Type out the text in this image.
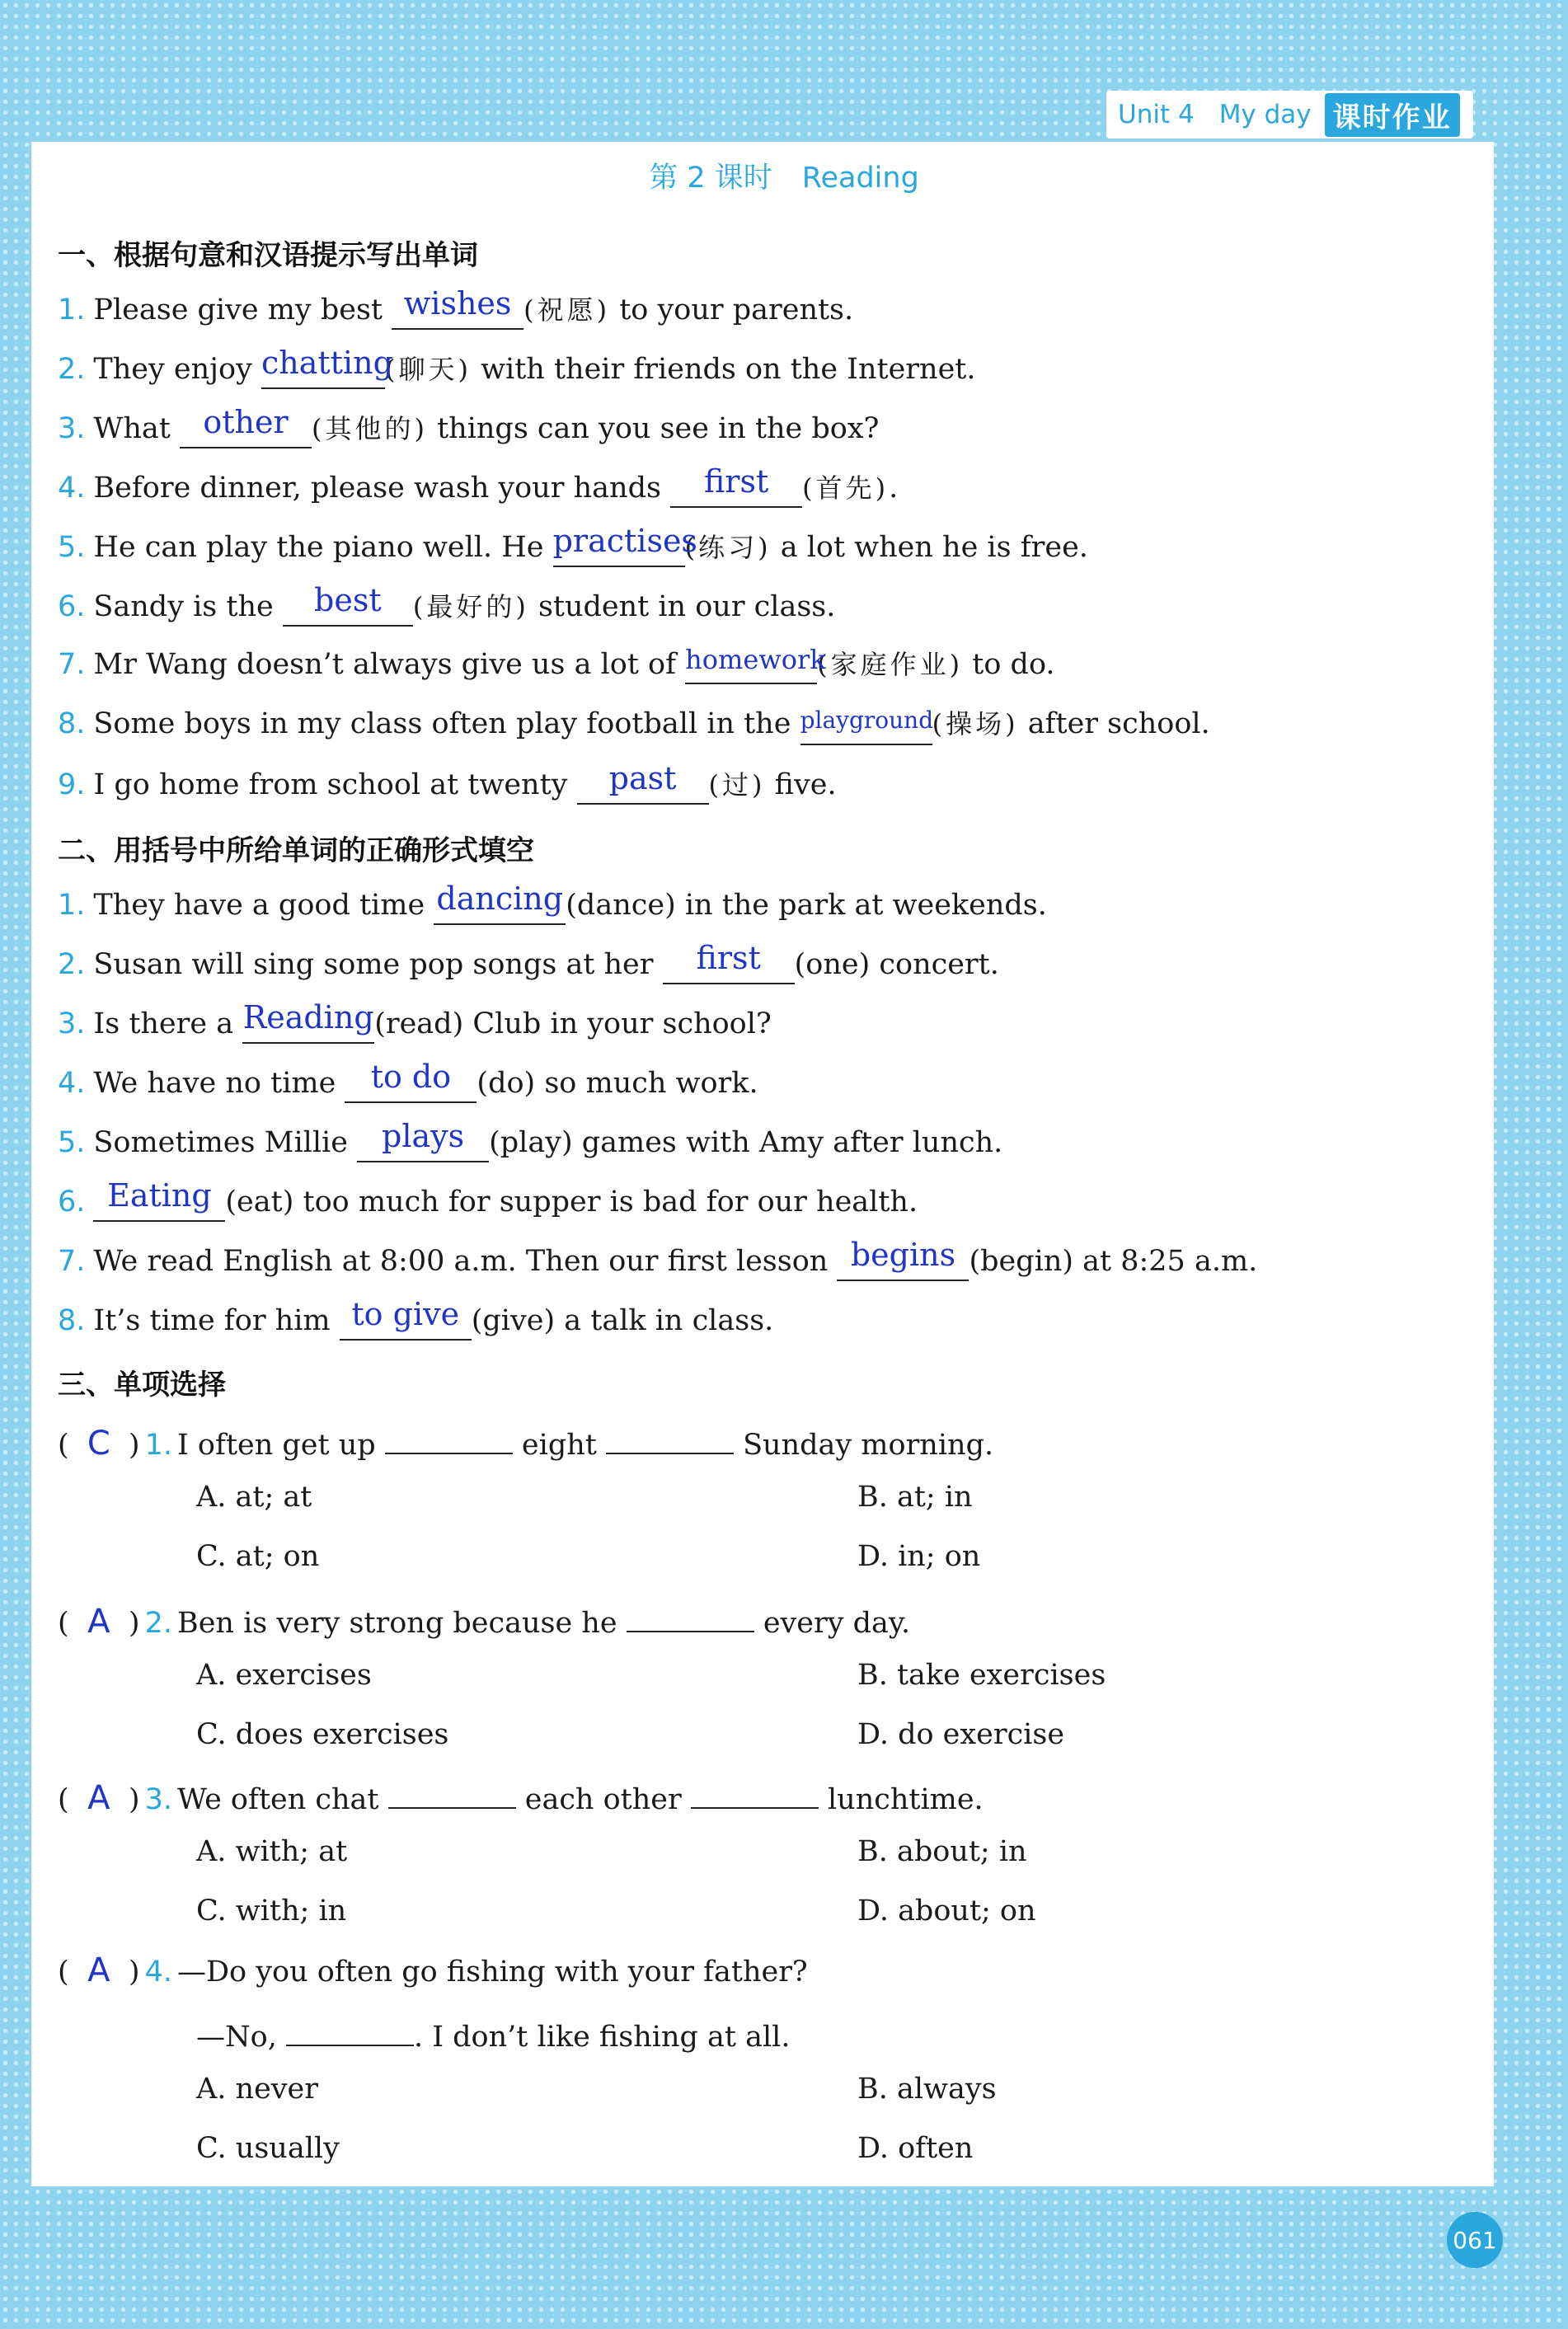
Unit 4 My day 课时作业
第 2 课时 Reading
一、根据句意和汉语提示写出单词
1. Please give my best wishes (祝愿) to your parents.
2. They enjoy chatting(聊天) with their friends on the Internet.
3. What other (其他的) things can you see in the box?
4. Before dinner, please wash your hands first (首先).
5. He can play the piano well. He practises(练习) a lot when he is free.
6. Sandy is the best (最好的) student in our class.
7. Mr Wang doesn’t always give us a lot of homework(家庭作业) to do.
8. Some boys in my class often play football in the playground(操场) after school.
9. I go home from school at twenty past (过) five.
二、用括号中所给单词的正确形式填空
1. They have a good time dancing(dance) in the park at weekends.
2. Susan will sing some pop songs at her first (one) concert.
3. Is there a Reading(read) Club in your school?
4. We have no time to do (do) so much work.
5. Sometimes Millie plays (play) games with Amy after lunch.
6. Eating (eat) too much for supper is bad for our health.
7. We read English at 8:00 a.m. Then our first lesson begins (begin) at 8:25 a.m.
8. It’s time for him to give (give) a talk in class.
三、单项选择
( C ) 1. I often get up	eight	Sunday morning.
A. at; at	B. at; in
C. at; on	D. in; on
( A ) 2. Ben is very strong because he	every day.
A. exercises	B. take exercises
C. does exercises	D. do exercise
( A ) 3. We often chat	each other	lunchtime.
A. with; at	B. about; in
C. with; in	D. about; on
( A ) 4. —Do you often go fishing with your father?
—No,	. I don’t like fishing at all.
A. never	B. always
C. usually	D. often
061
